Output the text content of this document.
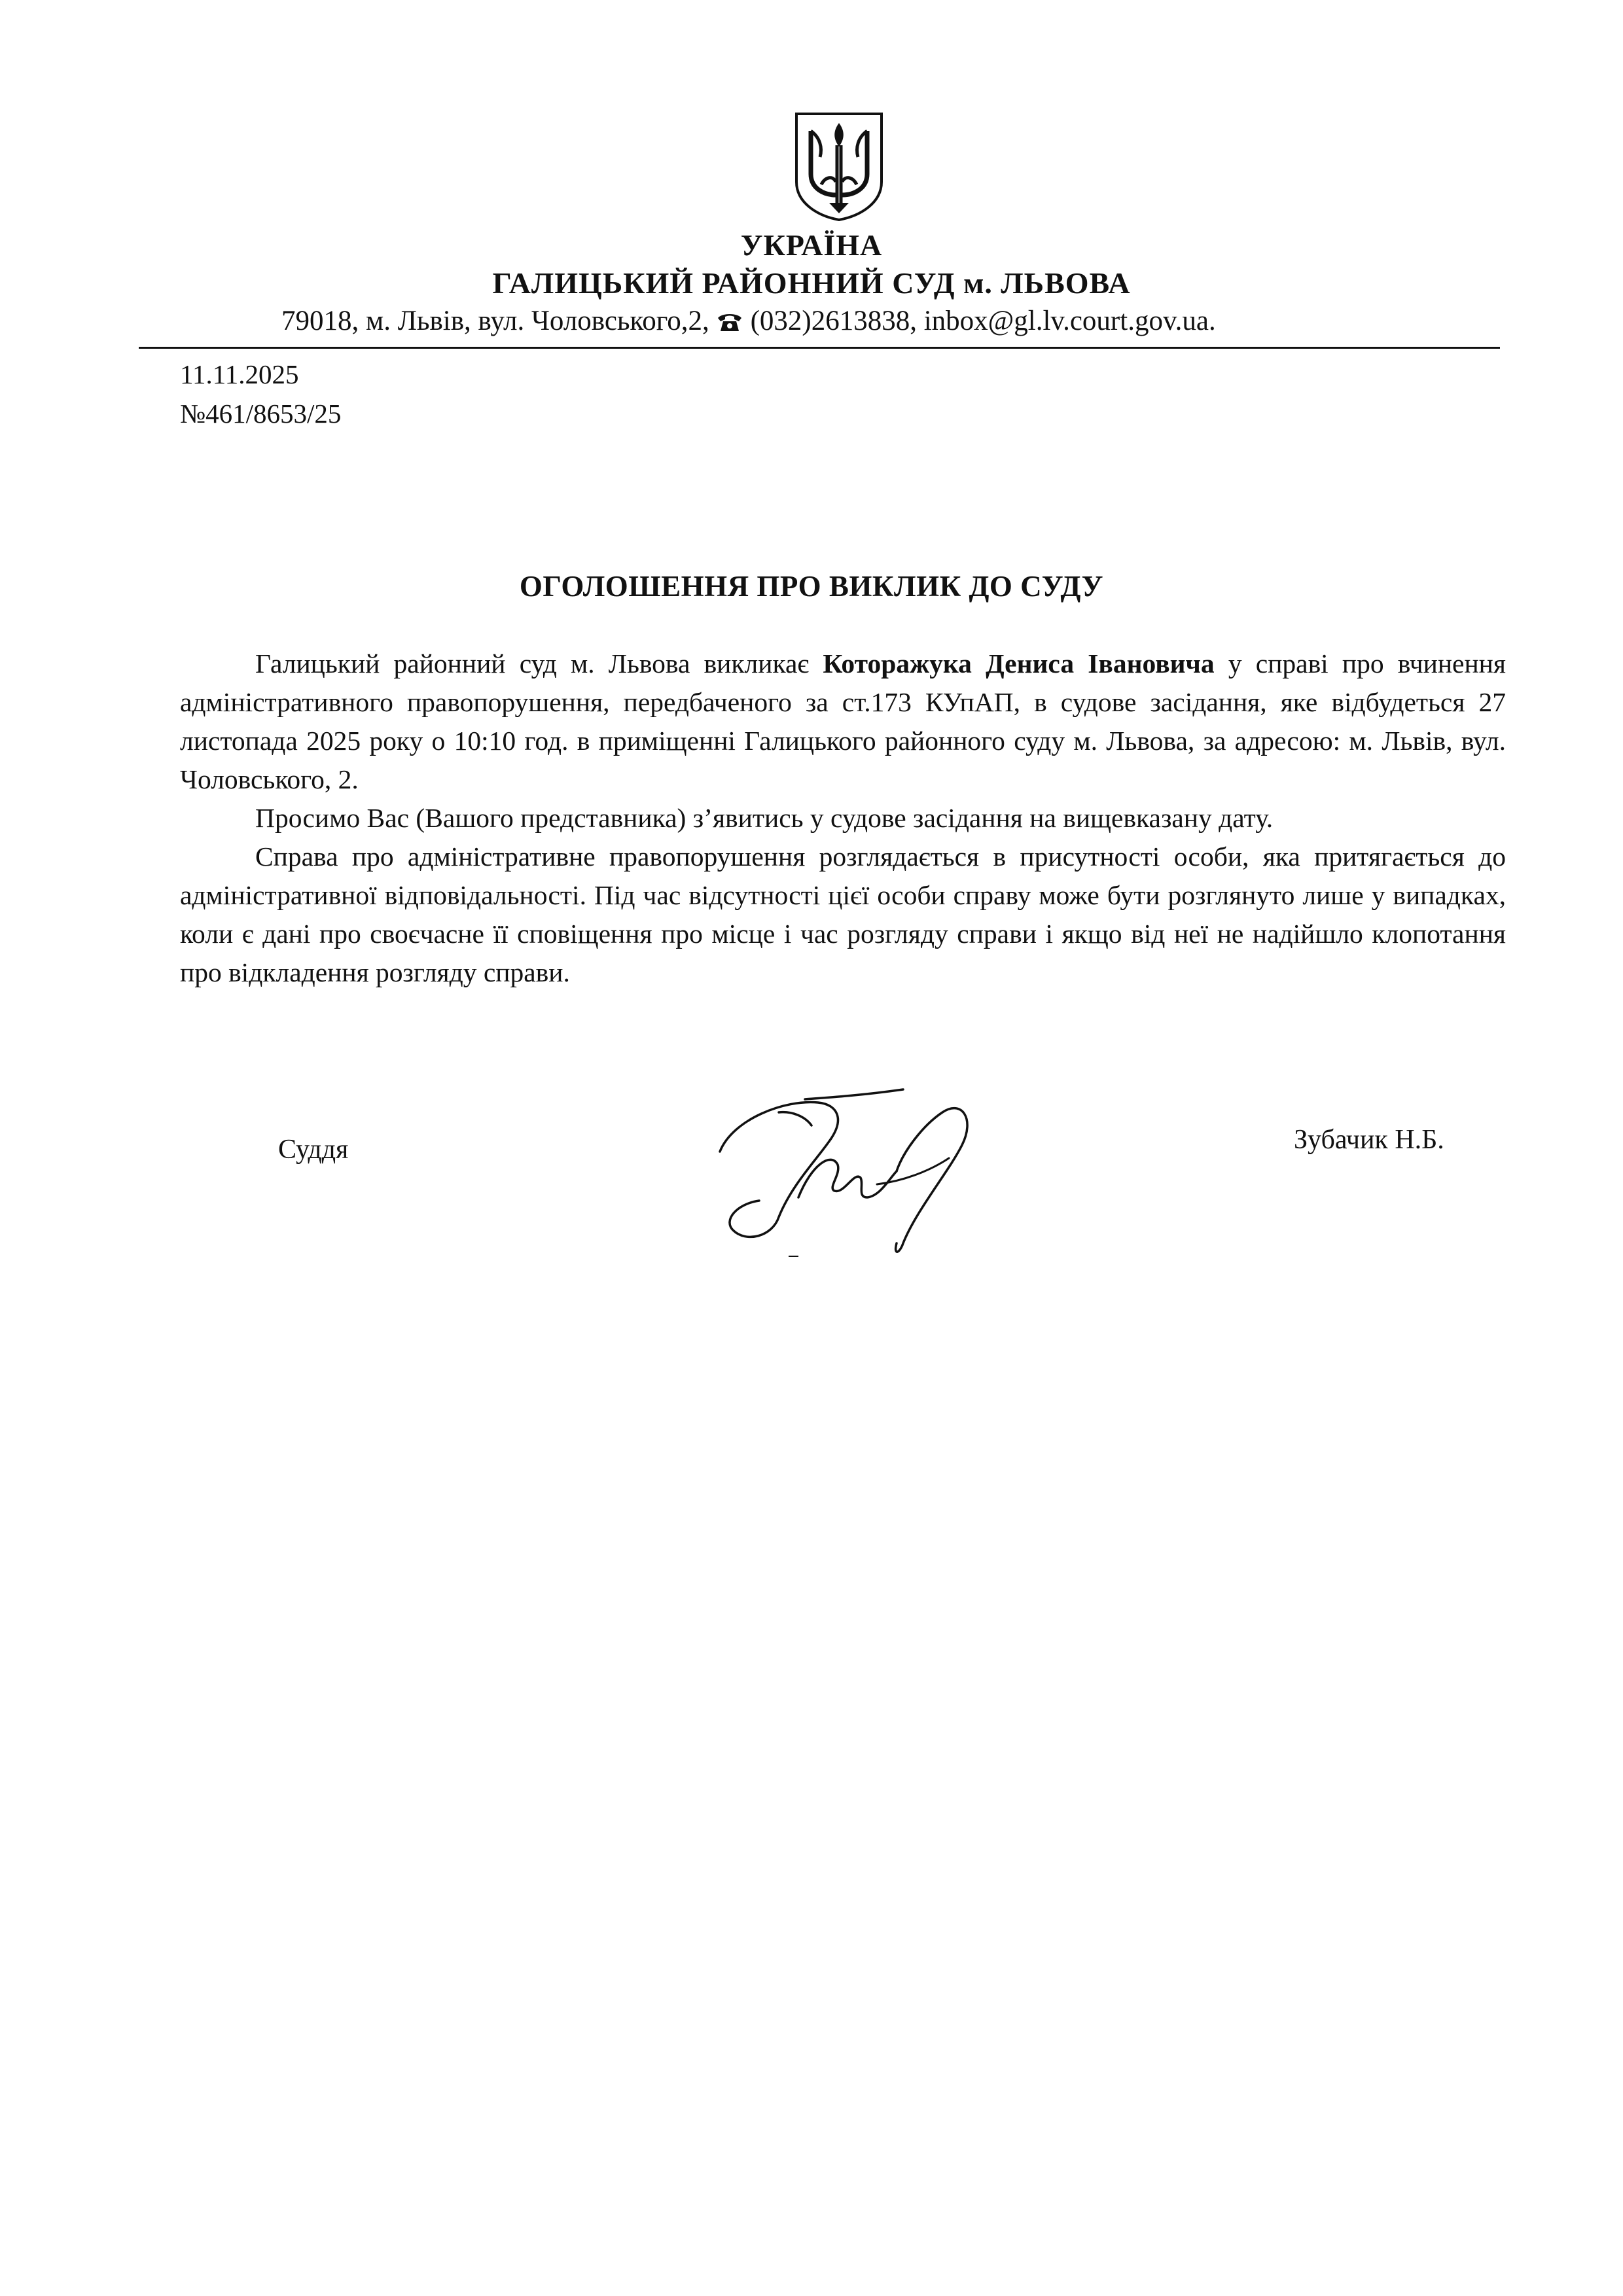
УКРАЇНА
ГАЛИЦЬКИЙ РАЙОННИЙ СУД м. ЛЬВОВА
79018, м. Львів, вул. Чоловського,2, (032)2613838, inbox@gl.lv.court.gov.ua.
11.11.2025
№461/8653/25
ОГОЛОШЕННЯ ПРО ВИКЛИК ДО СУДУ

Галицький районний суд м. Львова викликає Которажука Дениса Івановича у справі про вчинення адміністративного правопорушення, передбаченого за ст.173 КУпАП, в судове засідання, яке відбудеться 27 листопада 2025 року о 10:10 год. в приміщенні Галицького районного суду м. Львова, за адресою: м. Львів, вул. Чоловського, 2.

Просимо Вас (Вашого представника) з’явитись у судове засідання на вищевказану дату.

Справа про адміністративне правопорушення розглядається в присутності особи, яка притягається до адміністративної відповідальності. Під час відсутності цієї особи справу може бути розглянуто лише у випадках, коли є дані про своєчасне її сповіщення про місце і час розгляду справи і якщо від неї не надійшло клопотання про відкладення розгляду справи.

Суддя	Зубачик Н.Б.
